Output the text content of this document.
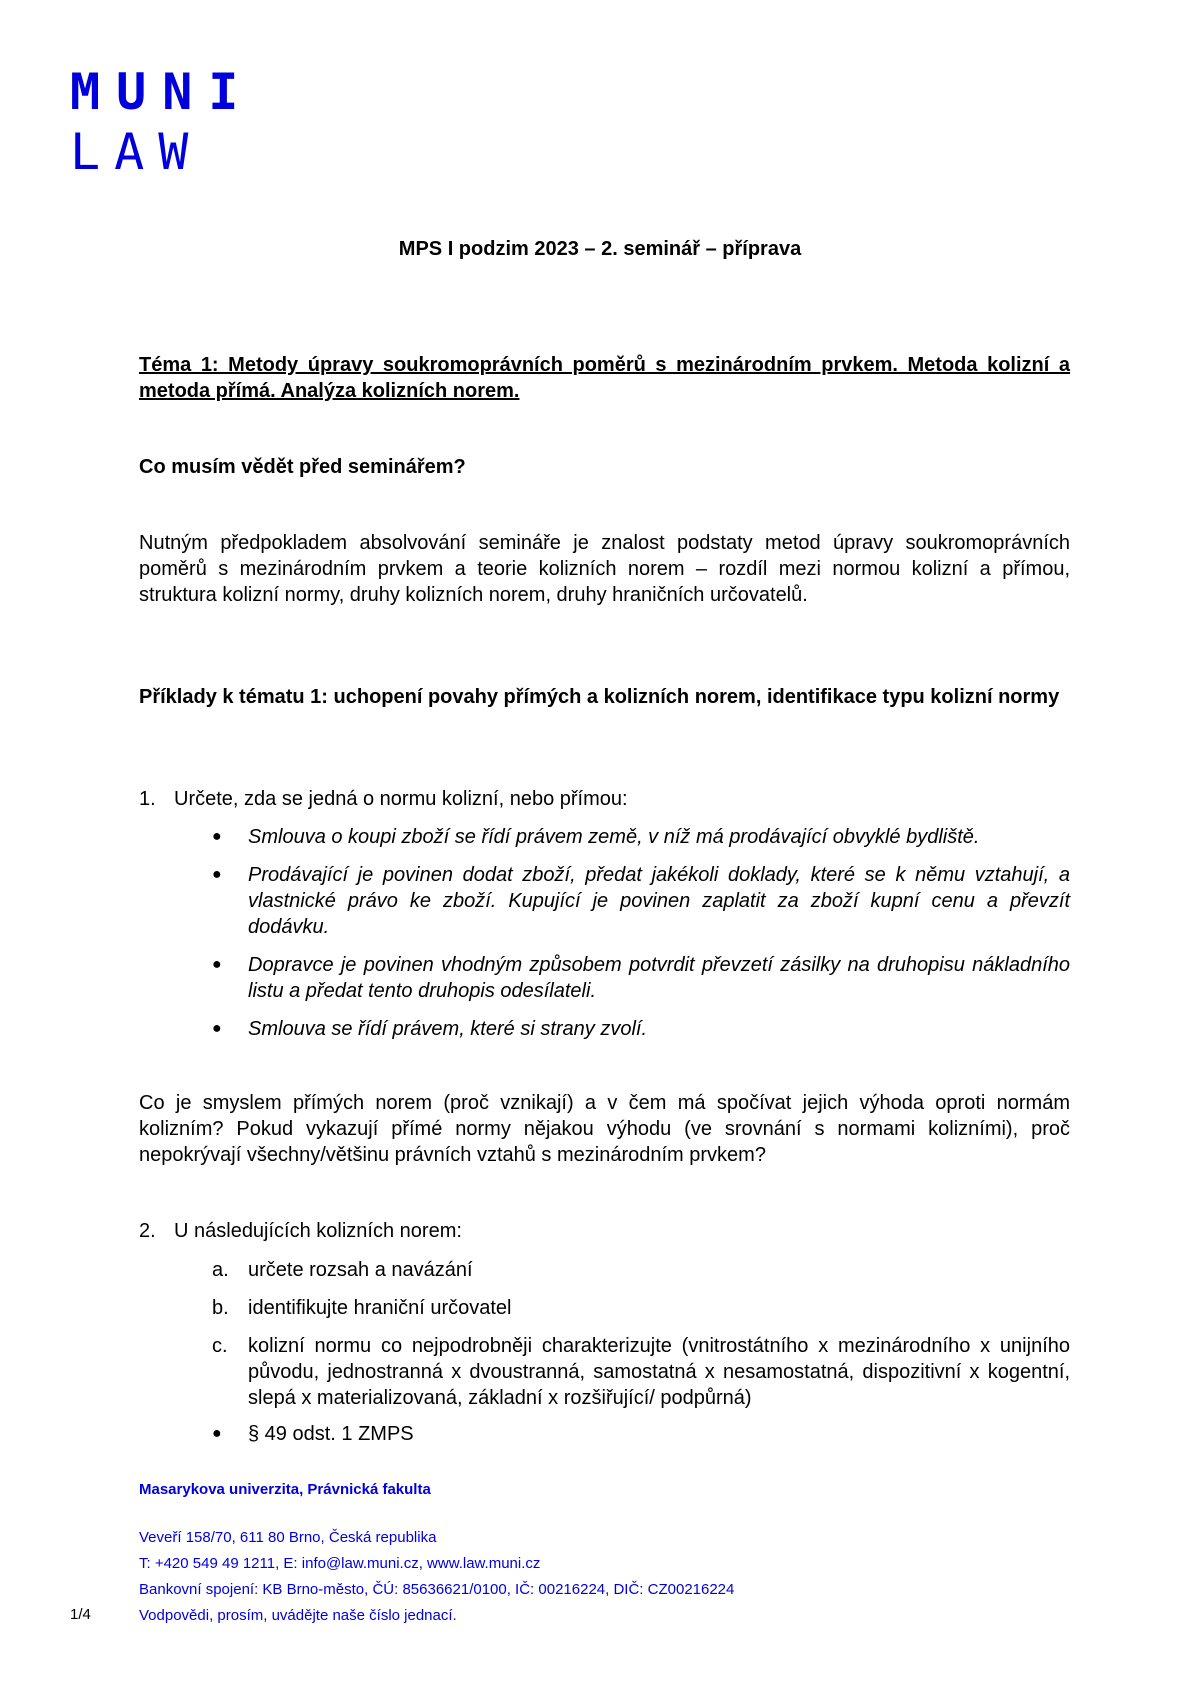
MUNI
LAW
MPS I podzim 2023 – 2. seminář – příprava
Téma 1: Metody úpravy soukromoprávních poměrů s mezinárodním prvkem. Metoda kolizní a metoda přímá. Analýza kolizních norem.
Co musím vědět před seminářem?
Nutným předpokladem absolvování semináře je znalost podstaty metod úpravy soukromoprávních poměrů s mezinárodním prvkem a teorie kolizních norem – rozdíl mezi normou kolizní a přímou, struktura kolizní normy, druhy kolizních norem, druhy hraničních určovatelů.
Příklady k tématu 1: uchopení povahy přímých a kolizních norem, identifikace typu kolizní normy
1. Určete, zda se jedná o normu kolizní, nebo přímou:
● Smlouva o koupi zboží se řídí právem země, v níž má prodávající obvyklé bydliště.
● Prodávající je povinen dodat zboží, předat jakékoli doklady, které se k němu vztahují, a vlastnické právo ke zboží. Kupující je povinen zaplatit za zboží kupní cenu a převzít dodávku.
● Dopravce je povinen vhodným způsobem potvrdit převzetí zásilky na druhopisu nákladního listu a předat tento druhopis odesílateli.
● Smlouva se řídí právem, které si strany zvolí.
Co je smyslem přímých norem (proč vznikají) a v čem má spočívat jejich výhoda oproti normám kolizním? Pokud vykazují přímé normy nějakou výhodu (ve srovnání s normami kolizními), proč nepokrývají všechny/většinu právních vztahů s mezinárodním prvkem?
2. U následujících kolizních norem:
a. určete rozsah a navázání
b. identifikujte hraniční určovatel
c. kolizní normu co nejpodrobněji charakterizujte (vnitrostátního x mezinárodního x unijního původu, jednostranná x dvoustranná, samostatná x nesamostatná, dispozitivní x kogentní, slepá x materializovaná, základní x rozšiřující/ podpůrná)
● § 49 odst. 1 ZMPS
Masarykova univerzita, Právnická fakulta
Veveří 158/70, 611 80 Brno, Česká republika
T: +420 549 49 1211, E: info@law.muni.cz, www.law.muni.cz
Bankovní spojení: KB Brno-město, ČÚ: 85636621/0100, IČ: 00216224, DIČ: CZ00216224
Vodpovědi, prosím, uvádějte naše číslo jednací.
1/4
